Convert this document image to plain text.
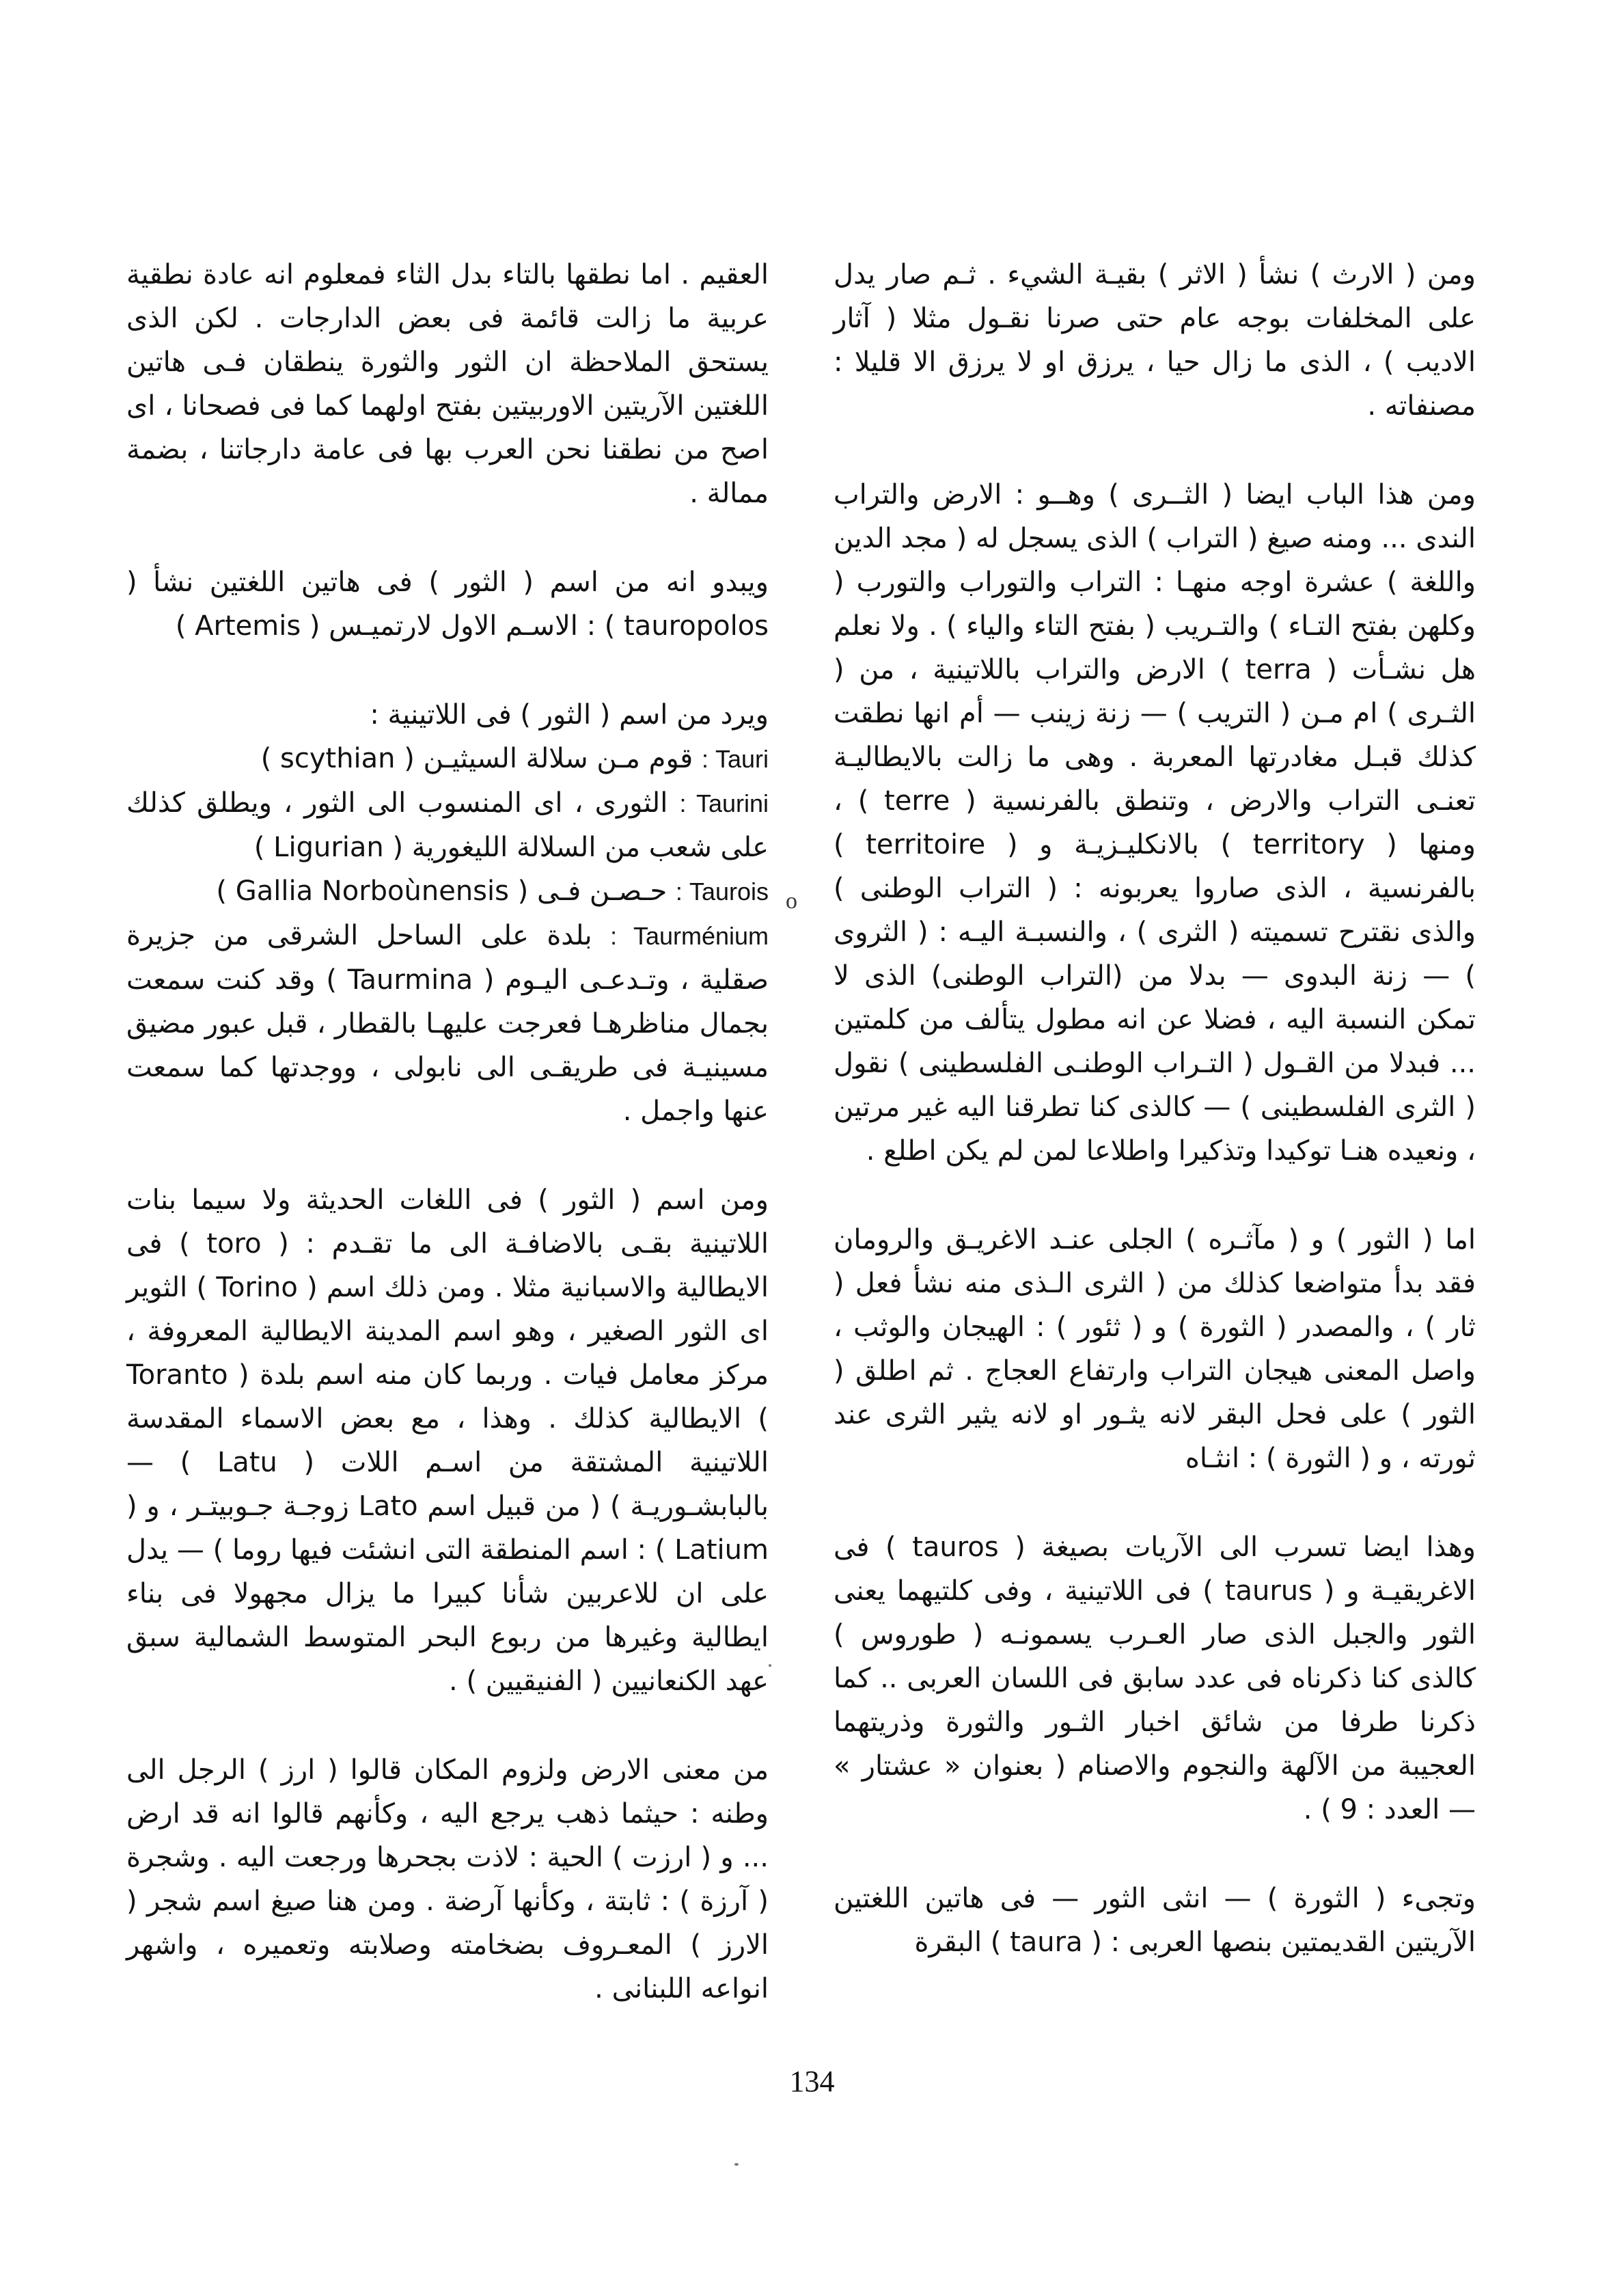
ومن ( الارث ) نشأ ( الاثر ) بقيـة الشيء . ثـم صار يدل على المخلفات بوجه عام حتى صرنا نقـول مثلا ( آثار الاديب ) ، الذى ما زال حيا ، يرزق او لا يرزق الا قليلا : مصنفاته .

ومن هذا الباب ايضا ( الثــرى ) وهــو : الارض والتراب الندى ... ومنه صيغ ( التراب ) الذى يسجل له ( مجد الدين واللغة ) عشرة اوجه منهـا : التراب والتوراب والتورب ( وكلهن بفتح التـاء ) والتـريب ( بفتح التاء والياء ) . ولا نعلم هل نشـأت ( terra ) الارض والتراب باللاتينية ، من ( الثـرى ) ام مـن ( التريب ) — زنة زينب — أم انها نطقت كذلك قبـل مغادرتها المعربة . وهى ما زالت بالايطاليـة تعنـى التراب والارض ، وتنطق بالفرنسية ( terre ) ، ومنها ( territory ) بالانكليـزيـة و ( territoire ) بالفرنسية ، الذى صاروا يعربونه : ( التراب الوطنى ) والذى نقترح تسميته ( الثرى ) ، والنسبـة اليـه : ( الثروى ) — زنة البدوى — بدلا من (التراب الوطنى) الذى لا تمكن النسبة اليه ، فضلا عن انه مطول يتألف من كلمتين ... فبدلا من القـول ( التـراب الوطنـى الفلسطينى ) نقول ( الثرى الفلسطينى ) — كالذى كنا تطرقنا اليه غير مرتين ، ونعيده هنـا توكيدا وتذكيرا واطلاعا لمن لم يكن اطلع .

اما ( الثور ) و ( مآثـره ) الجلى عنـد الاغريـق والرومان فقد بدأ متواضعا كذلك من ( الثرى الـذى منه نشأ فعل ( ثار ) ، والمصدر ( الثورة ) و ( ثئور ) : الهيجان والوثب ، واصل المعنى هيجان التراب وارتفاع العجاج . ثم اطلق ( الثور ) على فحل البقر لانه يثـور او لانه يثير الثرى عند ثورته ، و ( الثورة ) : انثـاه

وهذا ايضا تسرب الى الآريات بصيغة ( tauros ) فى الاغريقيـة و ( taurus ) فى اللاتينية ، وفى كلتيهما يعنى الثور والجبل الذى صار العـرب يسمونـه ( طوروس ) كالذى كنا ذكرناه فى عدد سابق فى اللسان العربى .. كما ذكرنا طرفا من شائق اخبار الثـور والثورة وذريتهما العجيبة من الآلهة والنجوم والاصنام ( بعنوان « عشتار » — العدد : 9 ) .

وتجىء ( الثورة ) — انثى الثور — فى هاتين اللغتين الآريتين القديمتين بنصها العربى : ( taura ) البقرة

العقيم . اما نطقها بالتاء بدل الثاء فمعلوم انه عادة نطقية عربية ما زالت قائمة فى بعض الدارجات . لكن الذى يستحق الملاحظة ان الثور والثورة ينطقان فـى هاتين اللغتين الآريتين الاوربيتين بفتح اولهما كما فى فصحانا ، اى اصح من نطقنا نحن العرب بها فى عامة دارجاتنا ، بضمة ممالة .

ويبدو انه من اسم ( الثور ) فى هاتين اللغتين نشأ ( tauropolos ) : الاسـم الاول لارتميـس ( Artemis )

ويرد من اسم ( الثور ) فى اللاتينية :

Tauri : قوم مـن سلالة السيثيـن ( scythian )
Taurini : الثورى ، اى المنسوب الى الثور ، ويطلق كذلك على شعب من السلالة الليغورية ( Ligurian )
Taurois : حـصـن فـى ( Gallia Norboùnensis )
Taurménium : بلدة على الساحل الشرقى من جزيرة صقلية ، وتـدعـى اليـوم ( Taurmina ) وقد كنت سمعت بجمال مناظرهـا فعرجت عليهـا بالقطار ، قبل عبور مضيق مسينيـة فى طريقـى الى نابولى ، ووجدتها كما سمعت عنها واجمل .

ومن اسم ( الثور ) فى اللغات الحديثة ولا سيما بنات اللاتينية بقـى بالاضافـة الى ما تقـدم : ( toro ) فى الايطالية والاسبانية مثلا . ومن ذلك اسم ( Torino ) الثوير اى الثور الصغير ، وهو اسم المدينة الايطالية المعروفة ، مركز معامل فيات . وربما كان منه اسم بلدة ( Toranto ) الايطالية كذلك . وهذا ، مع بعض الاسماء المقدسة اللاتينية المشتقة من اسـم اللات ( Latu ) — بالبابشـوريـة ) ( من قبيل اسم Lato زوجـة جـوبيتـر ، و ( Latium ) : اسم المنطقة التى انشئت فيها روما ) — يدل على ان للاعربين شأنا كبيرا ما يزال مجهولا فى بناء ايطالية وغيرها من ربوع البحر المتوسط الشمالية سبق عهد الكنعانيين ( الفنيقيين ) .

من معنى الارض ولزوم المكان قالوا ( ارز ) الرجل الى وطنه : حيثما ذهب يرجع اليه ، وكأنهم قالوا انه قد ارض ... و ( ارزت ) الحية : لاذت بجحرها ورجعت اليه . وشجرة ( آرزة ) : ثابتة ، وكأنها آرضة . ومن هنا صيغ اسم شجر ( الارز ) المعـروف بضخامته وصلابته وتعميره ، واشهر انواعه اللبنانى .

o
134
